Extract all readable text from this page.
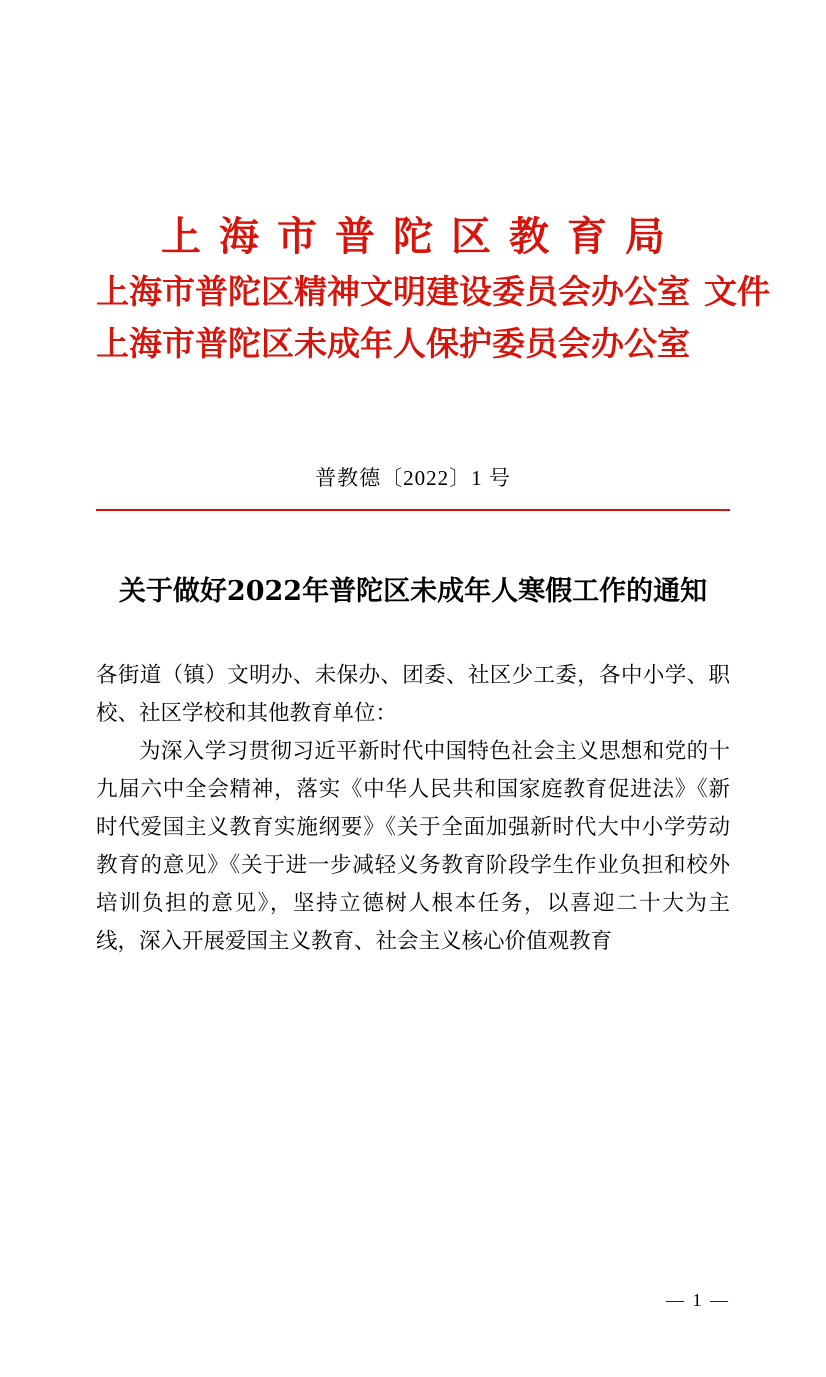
上海市普陀区教育局
上海市普陀区精神文明建设委员会办公室 文件
上海市普陀区未成年人保护委员会办公室
普教德〔2022〕1 号
关于做好2022年普陀区未成年人寒假工作的通知
各街道（镇）文明办、未保办、团委、社区少工委，各中小学、职校、社区学校和其他教育单位：

为深入学习贯彻习近平新时代中国特色社会主义思想和党的十九届六中全会精神，落实《中华人民共和国家庭教育促进法》《新时代爱国主义教育实施纲要》《关于全面加强新时代大中小学劳动教育的意见》《关于进一步减轻义务教育阶段学生作业负担和校外培训负担的意见》，坚持立德树人根本任务，以喜迎二十大为主线，深入开展爱国主义教育、社会主义核心价值观教育

— 1 —
